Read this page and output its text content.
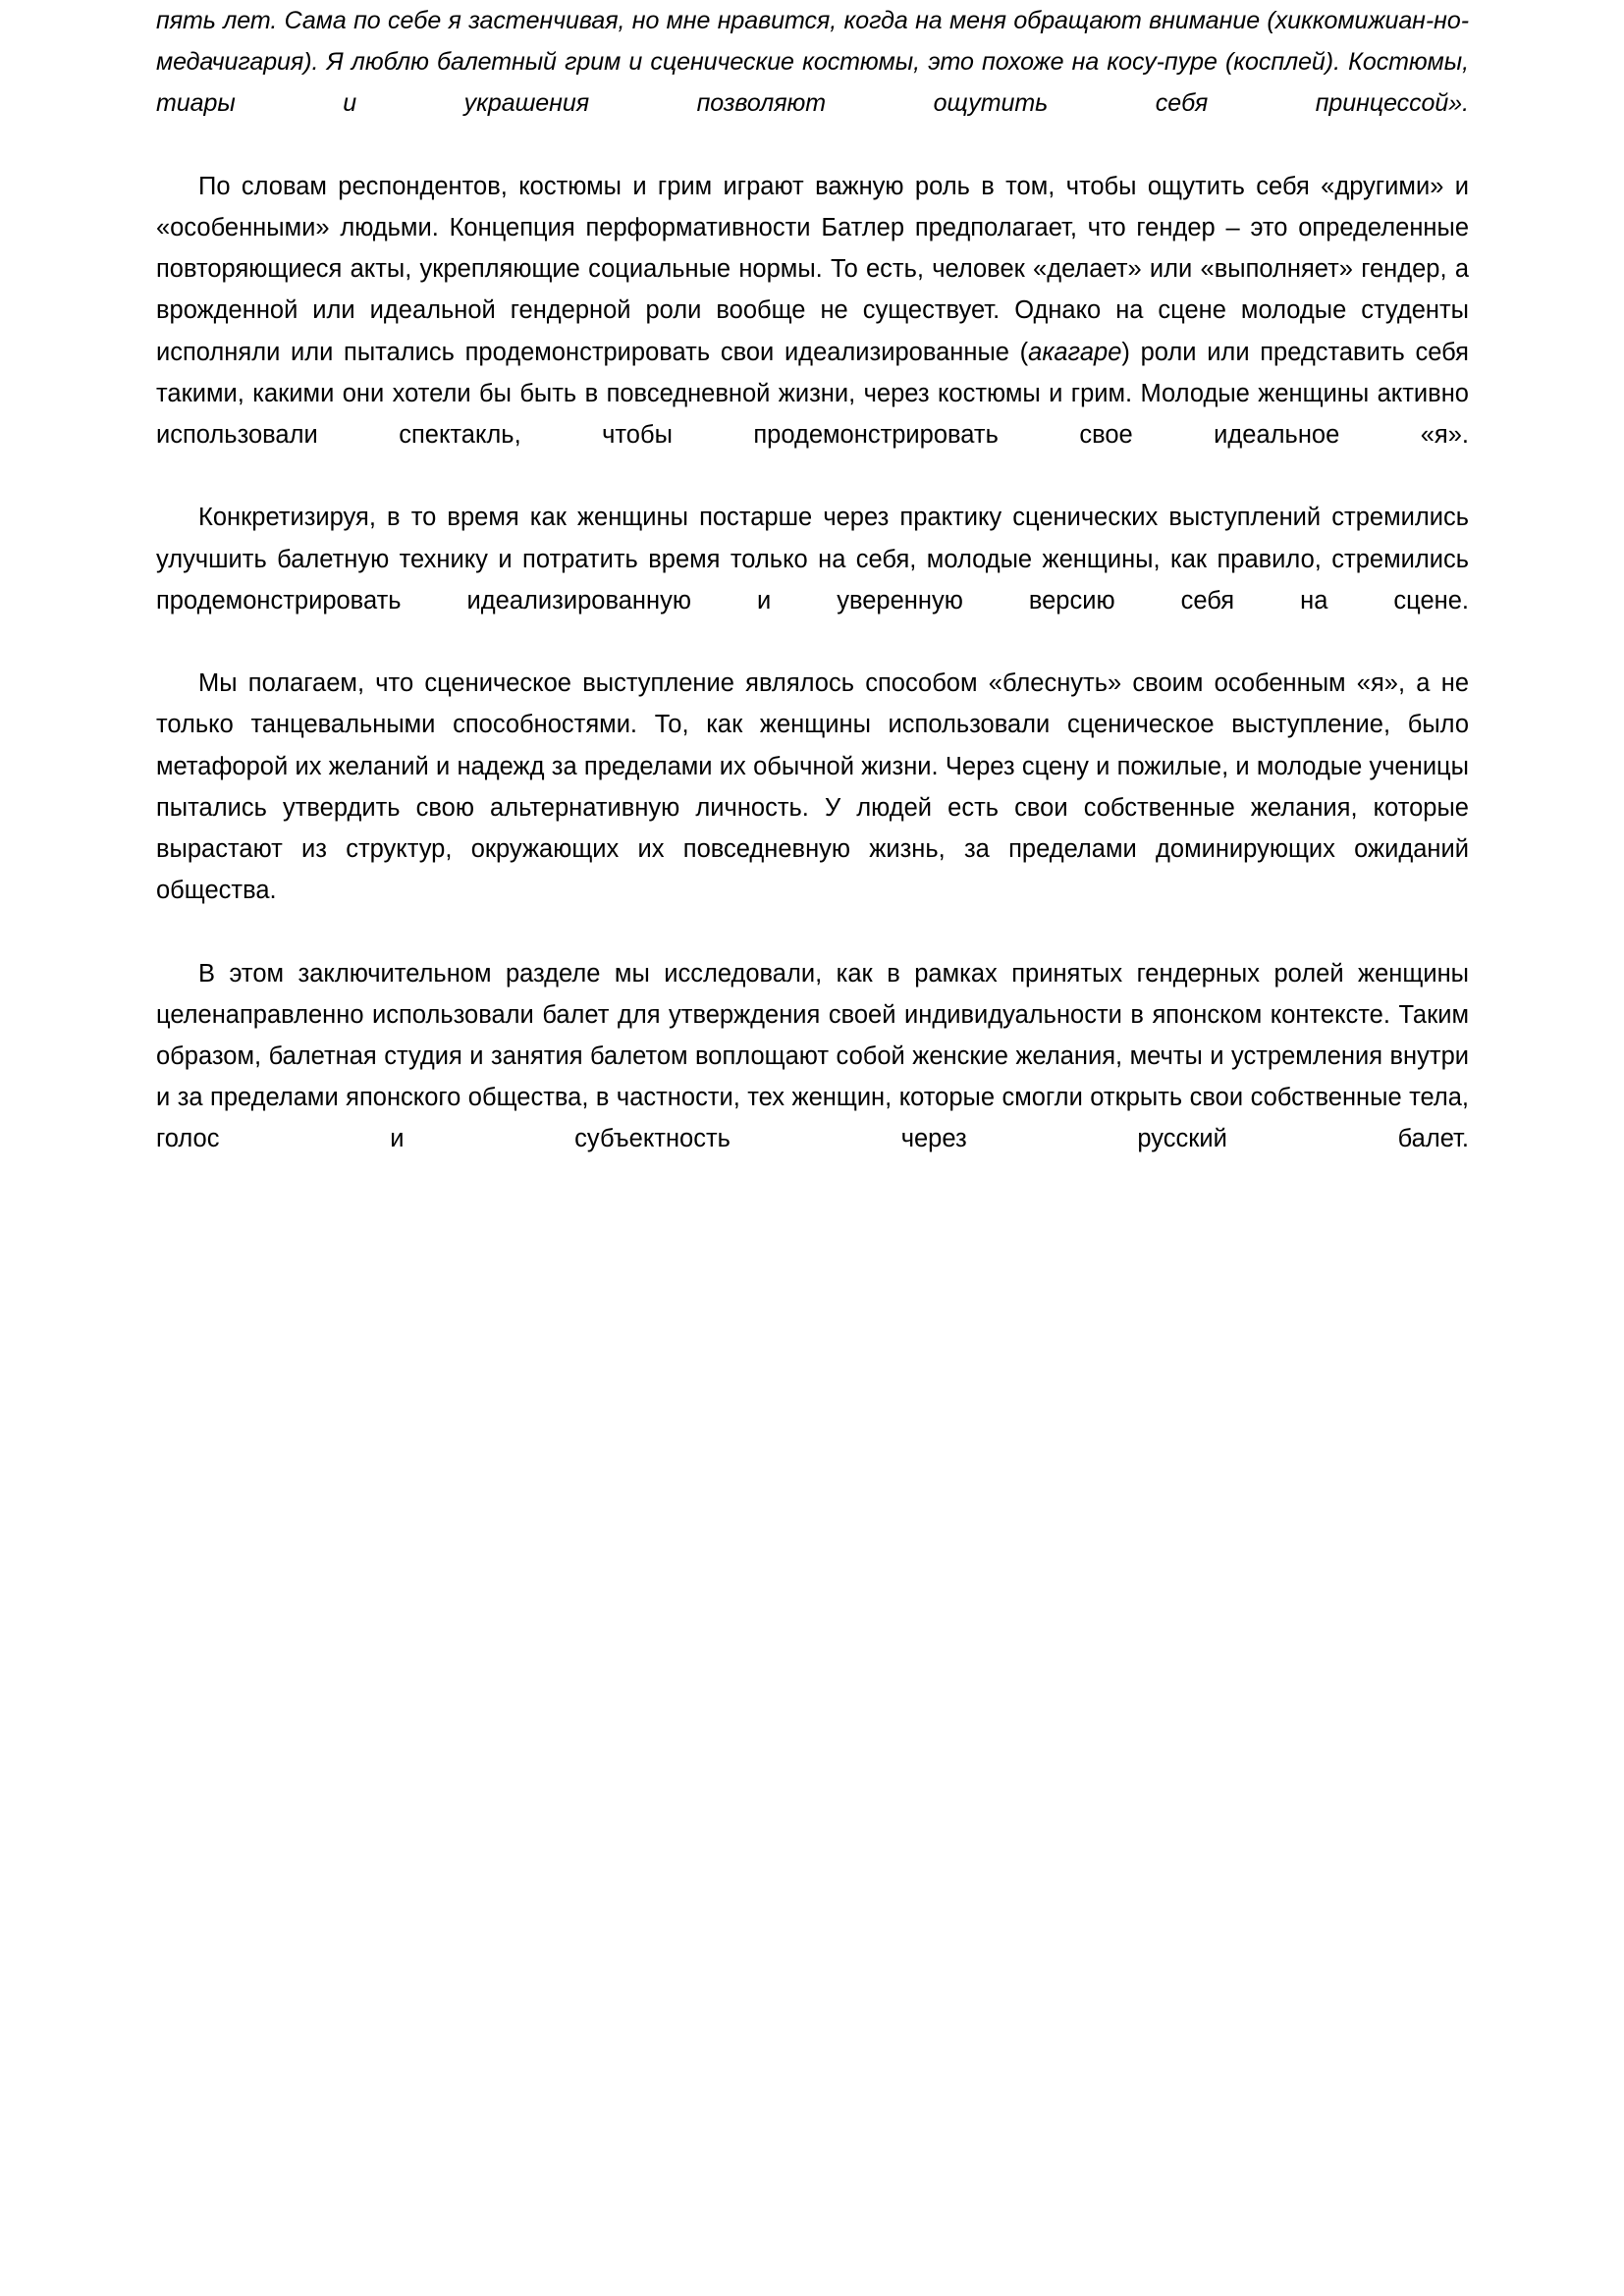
пять лет. Сама по себе я застенчивая, но мне нравится, когда на меня обращают внимание (хиккомижиан-но-медачигария). Я люблю балетный грим и сценические костюмы, это похоже на косу-пуре (косплей). Костюмы, тиары и украшения позволяют ощутить себя принцессой».

По словам респондентов, костюмы и грим играют важную роль в том, чтобы ощутить себя «другими» и «особенными» людьми. Концепция перформативности Батлер предполагает, что гендер – это определенные повторяющиеся акты, укрепляющие социальные нормы. То есть, человек «делает» или «выполняет» гендер, а врожденной или идеальной гендерной роли вообще не существует. Однако на сцене молодые студенты исполняли или пытались продемонстрировать свои идеализированные (акагаре) роли или представить себя такими, какими они хотели бы быть в повседневной жизни, через костюмы и грим. Молодые женщины активно использовали спектакль, чтобы продемонстрировать свое идеальное «я».

Конкретизируя, в то время как женщины постарше через практику сценических выступлений стремились улучшить балетную технику и потратить время только на себя, молодые женщины, как правило, стремились продемонстрировать идеализированную и уверенную версию себя на сцене.

Мы полагаем, что сценическое выступление являлось способом «блеснуть» своим особенным «я», а не только танцевальными способностями. То, как женщины использовали сценическое выступление, было метафорой их желаний и надежд за пределами их обычной жизни. Через сцену и пожилые, и молодые ученицы пытались утвердить свою альтернативную личность. У людей есть свои собственные желания, которые вырастают из структур, окружающих их повседневную жизнь, за пределами доминирующих ожиданий общества.

В этом заключительном разделе мы исследовали, как в рамках принятых гендерных ролей женщины целенаправленно использовали балет для утверждения своей индивидуальности в японском контексте. Таким образом, балетная студия и занятия балетом воплощают собой женские желания, мечты и устремления внутри и за пределами японского общества, в частности, тех женщин, которые смогли открыть свои собственные тела, голос и субъектность через русский балет.
